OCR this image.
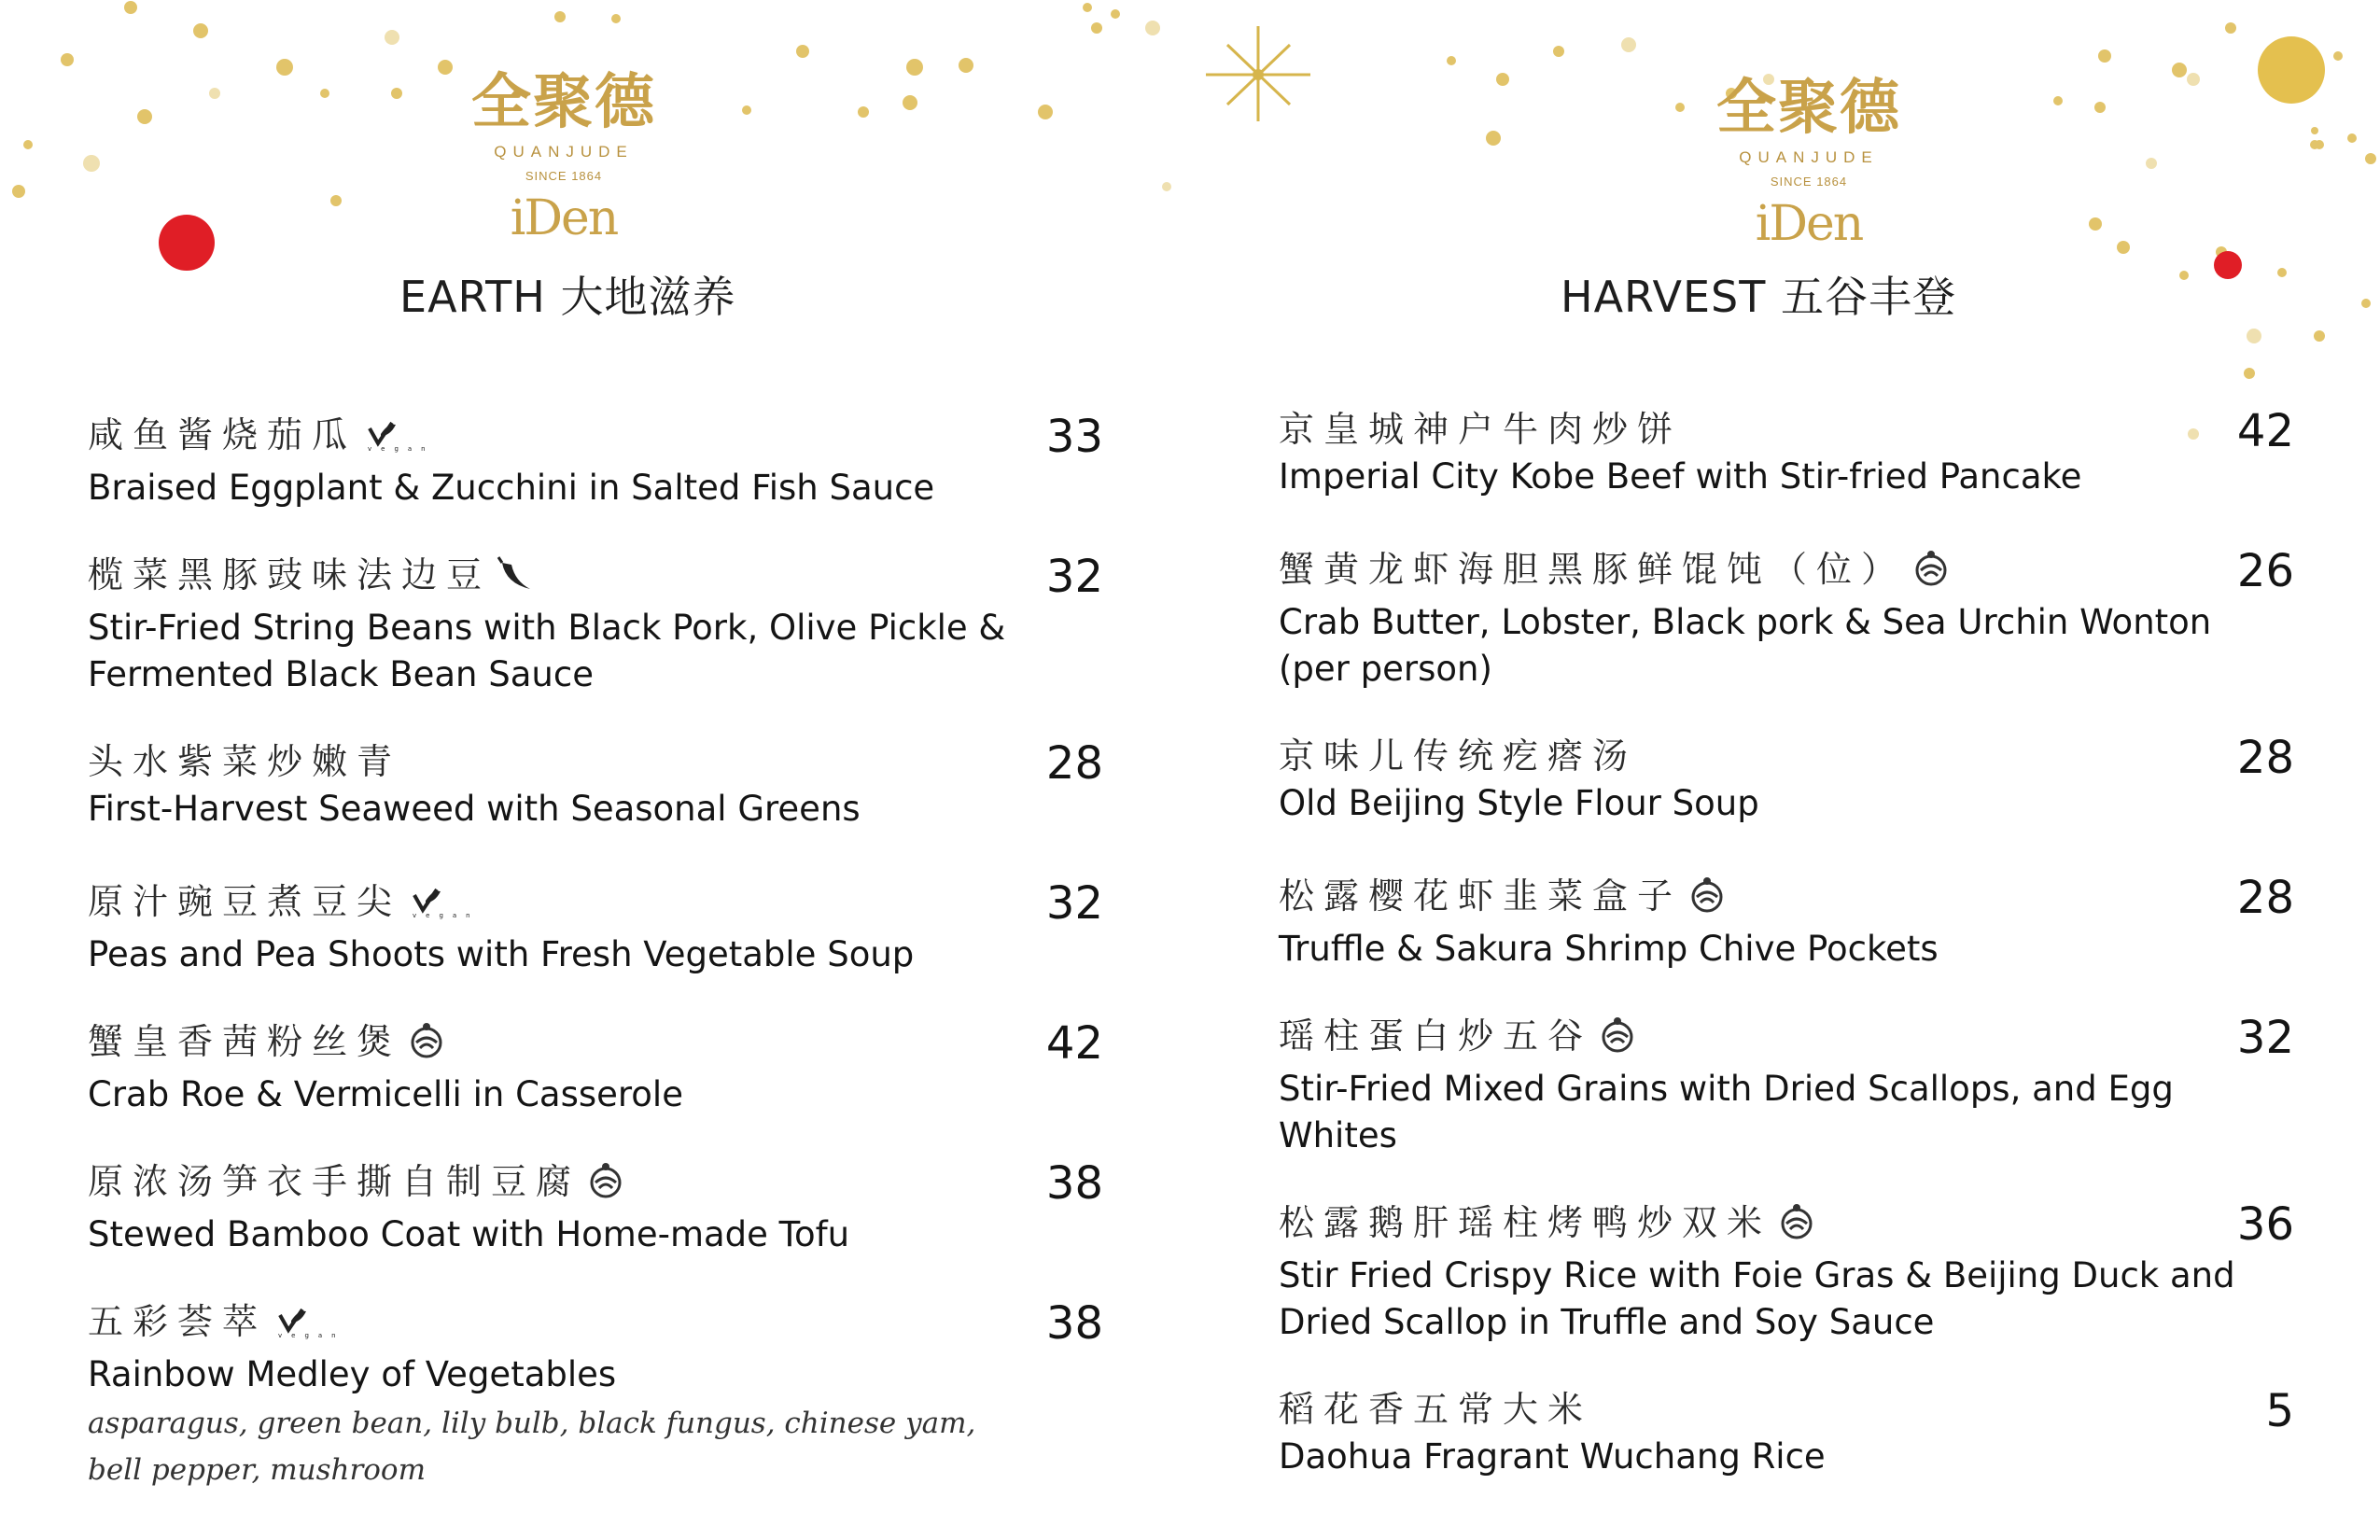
全聚德
QUANJUDE
SINCE 1864
iDen
EARTH 大地滋养
全聚德
QUANJUDE
SINCE 1864
iDen
HARVEST 五谷丰登
咸鱼酱烧茄瓜 vegan
Braised Eggplant & Zucchini in Salted Fish Sauce
33
榄菜黑豚豉味法边豆
Stir-Fried String Beans with Black Pork, Olive Pickle & Fermented Black Bean Sauce
32
头水紫菜炒嫩青
First-Harvest Seaweed with Seasonal Greens
28
原汁豌豆煮豆尖 vegan
Peas and Pea Shoots with Fresh Vegetable Soup
32
蟹皇香茜粉丝煲
Crab Roe & Vermicelli in Casserole
42
原浓汤笋衣手撕自制豆腐
Stewed Bamboo Coat with Home-made Tofu
38
五彩荟萃 vegan
Rainbow Medley of Vegetables
asparagus, green bean, lily bulb, black fungus, chinese yam, bell pepper, mushroom
38
京皇城神户牛肉炒饼
Imperial City Kobe Beef with Stir-fried Pancake
42
蟹黄龙虾海胆黑豚鲜馄饨（位）
Crab Butter, Lobster, Black pork & Sea Urchin Wonton (per person)
26
京味儿传统疙瘩汤
Old Beijing Style Flour Soup
28
松露樱花虾韭菜盒子
Truffle & Sakura Shrimp Chive Pockets
28
瑶柱蛋白炒五谷
Stir-Fried Mixed Grains with Dried Scallops, and Egg Whites
32
松露鹅肝瑶柱烤鸭炒双米
Stir Fried Crispy Rice with Foie Gras & Beijing Duck and Dried Scallop in Truffle and Soy Sauce
36
稻花香五常大米
Daohua Fragrant Wuchang Rice
5
